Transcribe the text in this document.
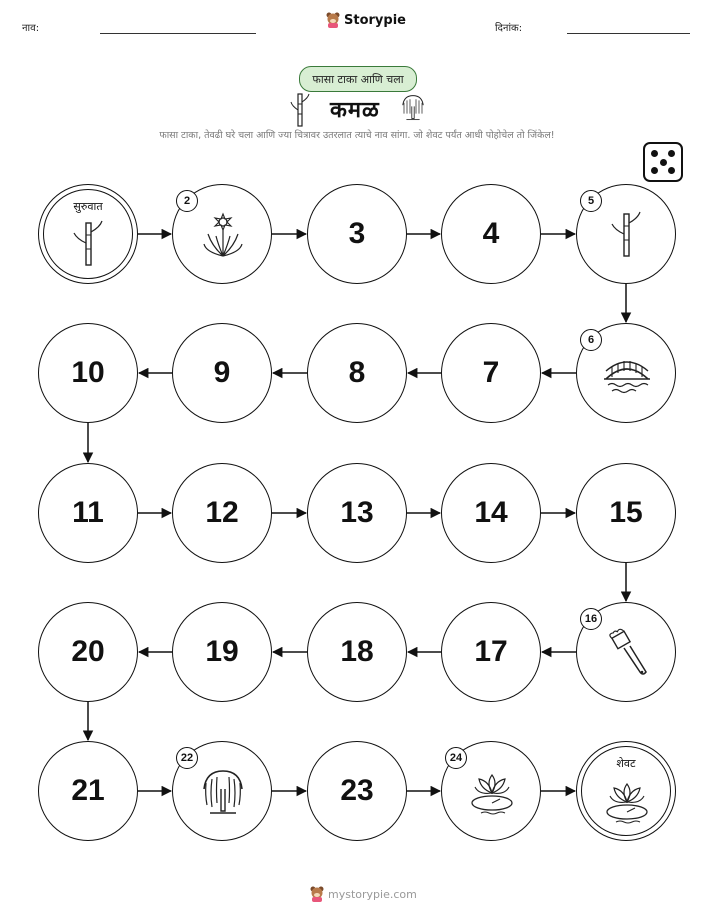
नाव:
Storypie
दिनांक:
फासा टाका आणि चला
कमळ
फासा टाका, तेवढी घरे चला आणि ज्या चित्रावर उतरलात त्याचे नाव सांगा. जो शेवट पर्यंत आधी पोहोचेल तो जिंकेल!
शेवट
23
21
20	19	18	17
15
14
13
12
11
10	9	8	7
4
3
सुरुवात	2	5
6
16
22	24
mystorypie.com
